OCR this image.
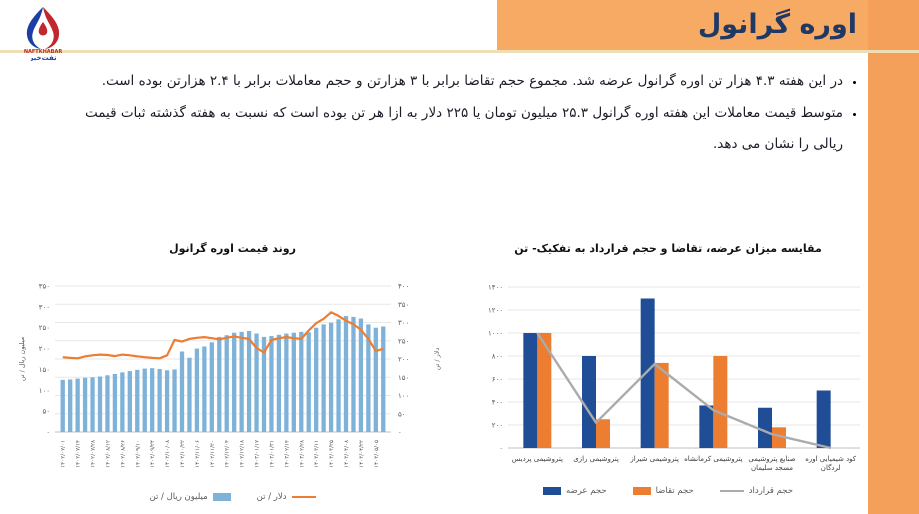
اوره گرانول
NAFTKHABAR
نفت‌خبر
• در این هفته ۴.۳ هزار تن اوره گرانول عرضه شد. مجموع حجم تقاضا برابر با ۳ هزارتن و حجم معاملات برابر با ۲.۴ هزارتن بوده است.
• متوسط قیمت معاملات این هفته اوره گرانول ۲۵.۳ میلیون تومان یا ۲۲۵ دلار به ازا هر تن بوده است که نسبت به هفته گذشته ثبات قیمت ریالی را نشان می دهد.
روند قیمت اوره گرانول
۰
۵۰
۱۰۰
۱۵۰
۲۰۰
۲۵۰
۳۰۰
۳۵۰
۰
۵۰
۱۰۰
۱۵۰
۲۰۰
۲۵۰
۳۰۰
۳۵۰
۴۰۰
میلیون ریال / تن	دلار / تن
۱۴۰۲/۰۷/۰۱ ۱۴۰۲/۰۷/۱۴ ۱۴۰۲/۰۷/۲۸ ۱۴۰۲/۰۸/۱۲ ۱۴۰۲/۰۸/۲۶ ۱۴۰۲/۰۹/۱۰ ۱۴۰۲/۰۹/۲۴ ۱۴۰۲/۱۰/۰۸ ۱۴۰۲/۱۰/۲۲ ۱۴۰۲/۱۱/۰۶ ۱۴۰۲/۱۱/۲۰ ۱۴۰۲/۱۲/۰۴ ۱۴۰۲/۱۲/۱۸ ۱۴۰۳/۰۱/۱۷ ۱۴۰۳/۰۱/۳۱ ۱۴۰۳/۰۲/۱۴ ۱۴۰۳/۰۲/۲۸ ۱۴۰۳/۰۳/۱۱ ۱۴۰۳/۰۳/۲۵ ۱۴۰۳/۰۴/۰۸ ۱۴۰۳/۰۴/۲۲ ۱۴۰۳/۰۵/۰۵
دلار / تن
میلیون ریال / تن
مقایسه میزان عرضه، تقاضا و حجم قرارداد به تفکیک- تن
۰
۲۰۰
۴۰۰
۶۰۰
۸۰۰
۱۰۰۰
۱۲۰۰
۱۴۰۰
پتروشیمی پردیس پتروشیمی رازی پتروشیمی شیراز پتروشیمی کرمانشاه صنایع پتروشیمی مسجد سلیمان
کود شیمیایی اوره لردگان
حجم عرضه	حجم تقاضا	حجم قرارداد
